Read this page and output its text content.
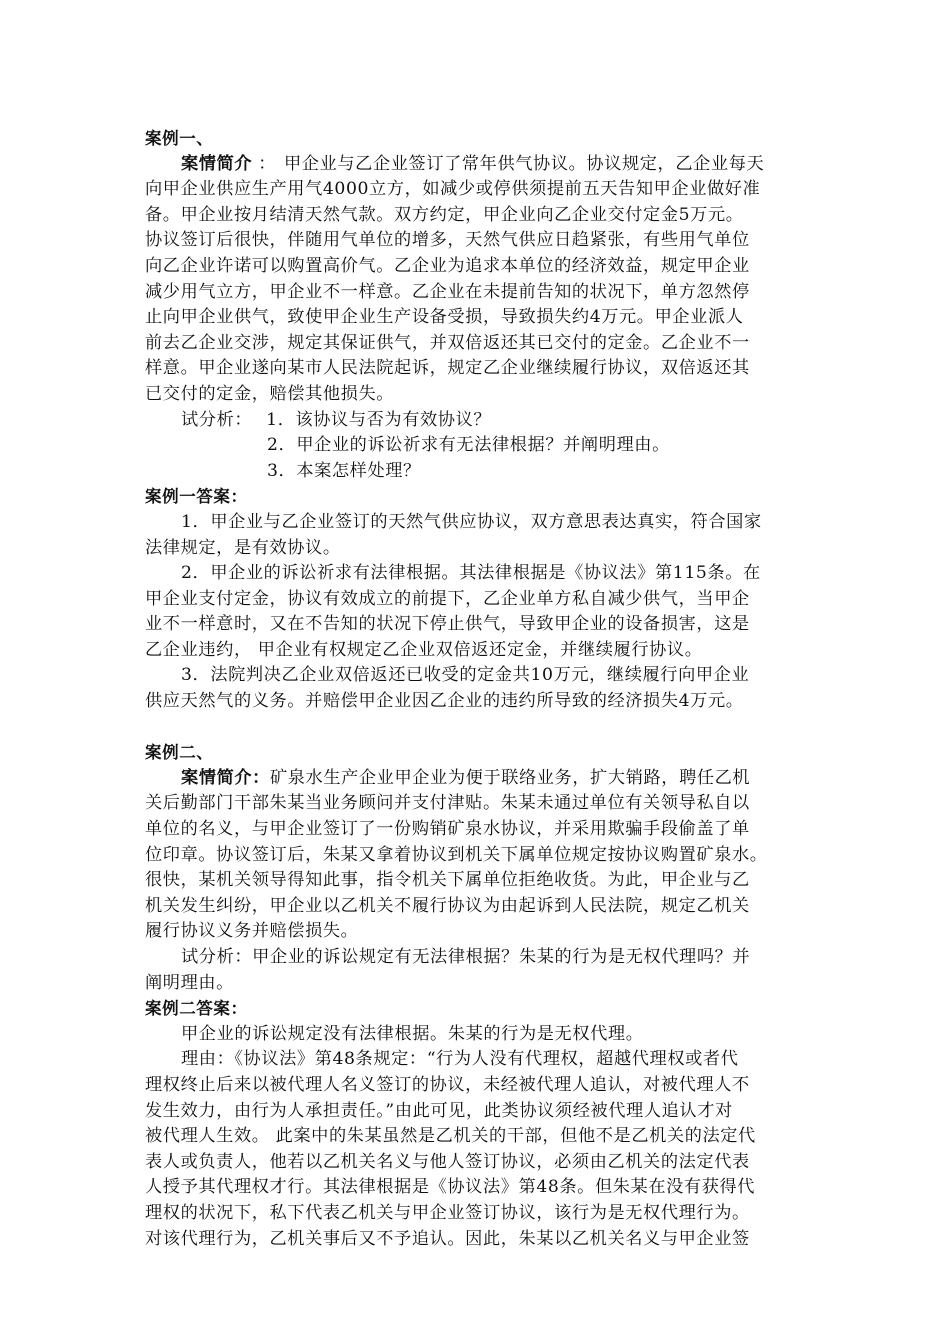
案例一、
案情简介 ： 甲企业与乙企业签订了常年供气协议。协议规定，乙企业每天
向甲企业供应生产用气4000立方，如减少或停供须提前五天告知甲企业做好准
备。甲企业按月结清天然气款。双方约定，甲企业向乙企业交付定金5万元。
协议签订后很快，伴随用气单位的增多，天然气供应日趋紧张，有些用气单位
向乙企业许诺可以购置高价气。乙企业为追求本单位的经济效益，规定甲企业
减少用气立方，甲企业不一样意。乙企业在未提前告知的状况下，单方忽然停
止向甲企业供气，致使甲企业生产设备受损，导致损失约4万元。甲企业派人
前去乙企业交涉，规定其保证供气，并双倍返还其已交付的定金。乙企业不一
样意。甲企业遂向某市人民法院起诉，规定乙企业继续履行协议，双倍返还其
已交付的定金，赔偿其他损失。
试分析： 1．该协议与否为有效协议？
2．甲企业的诉讼祈求有无法律根据？并阐明理由。
3．本案怎样处理？
案例一答案：
1．甲企业与乙企业签订的天然气供应协议，双方意思表达真实，符合国家
法律规定，是有效协议。
2．甲企业的诉讼祈求有法律根据。其法律根据是《协议法》第115条。在
甲企业支付定金，协议有效成立的前提下，乙企业单方私自减少供气，当甲企
业不一样意时，又在不告知的状况下停止供气，导致甲企业的设备损害，这是
乙企业违约， 甲企业有权规定乙企业双倍返还定金，并继续履行协议。
3．法院判决乙企业双倍返还已收受的定金共10万元，继续履行向甲企业
供应天然气的义务。并赔偿甲企业因乙企业的违约所导致的经济损失4万元。
案例二、
案情简介：矿泉水生产企业甲企业为便于联络业务，扩大销路，聘任乙机
关后勤部门干部朱某当业务顾问并支付津贴。朱某未通过单位有关领导私自以
单位的名义，与甲企业签订了一份购销矿泉水协议，并采用欺骗手段偷盖了单
位印章。协议签订后，朱某又拿着协议到机关下属单位规定按协议购置矿泉水。
很快，某机关领导得知此事，指令机关下属单位拒绝收货。为此，甲企业与乙
机关发生纠纷，甲企业以乙机关不履行协议为由起诉到人民法院，规定乙机关
履行协议义务并赔偿损失。
试分析：甲企业的诉讼规定有无法律根据？朱某的行为是无权代理吗？并
阐明理由。
案例二答案：
甲企业的诉讼规定没有法律根据。朱某的行为是无权代理。
理由：《协议法》第48条规定：“行为人没有代理权，超越代理权或者代
理权终止后来以被代理人名义签订的协议，未经被代理人追认，对被代理人不
发生效力，由行为人承担责任。”由此可见，此类协议须经被代理人追认才对
被代理人生效。 此案中的朱某虽然是乙机关的干部，但他不是乙机关的法定代
表人或负责人，他若以乙机关名义与他人签订协议，必须由乙机关的法定代表
人授予其代理权才行。其法律根据是《协议法》第48条。但朱某在没有获得代
理权的状况下，私下代表乙机关与甲企业签订协议，该行为是无权代理行为。
对该代理行为，乙机关事后又不予追认。因此，朱某以乙机关名义与甲企业签
